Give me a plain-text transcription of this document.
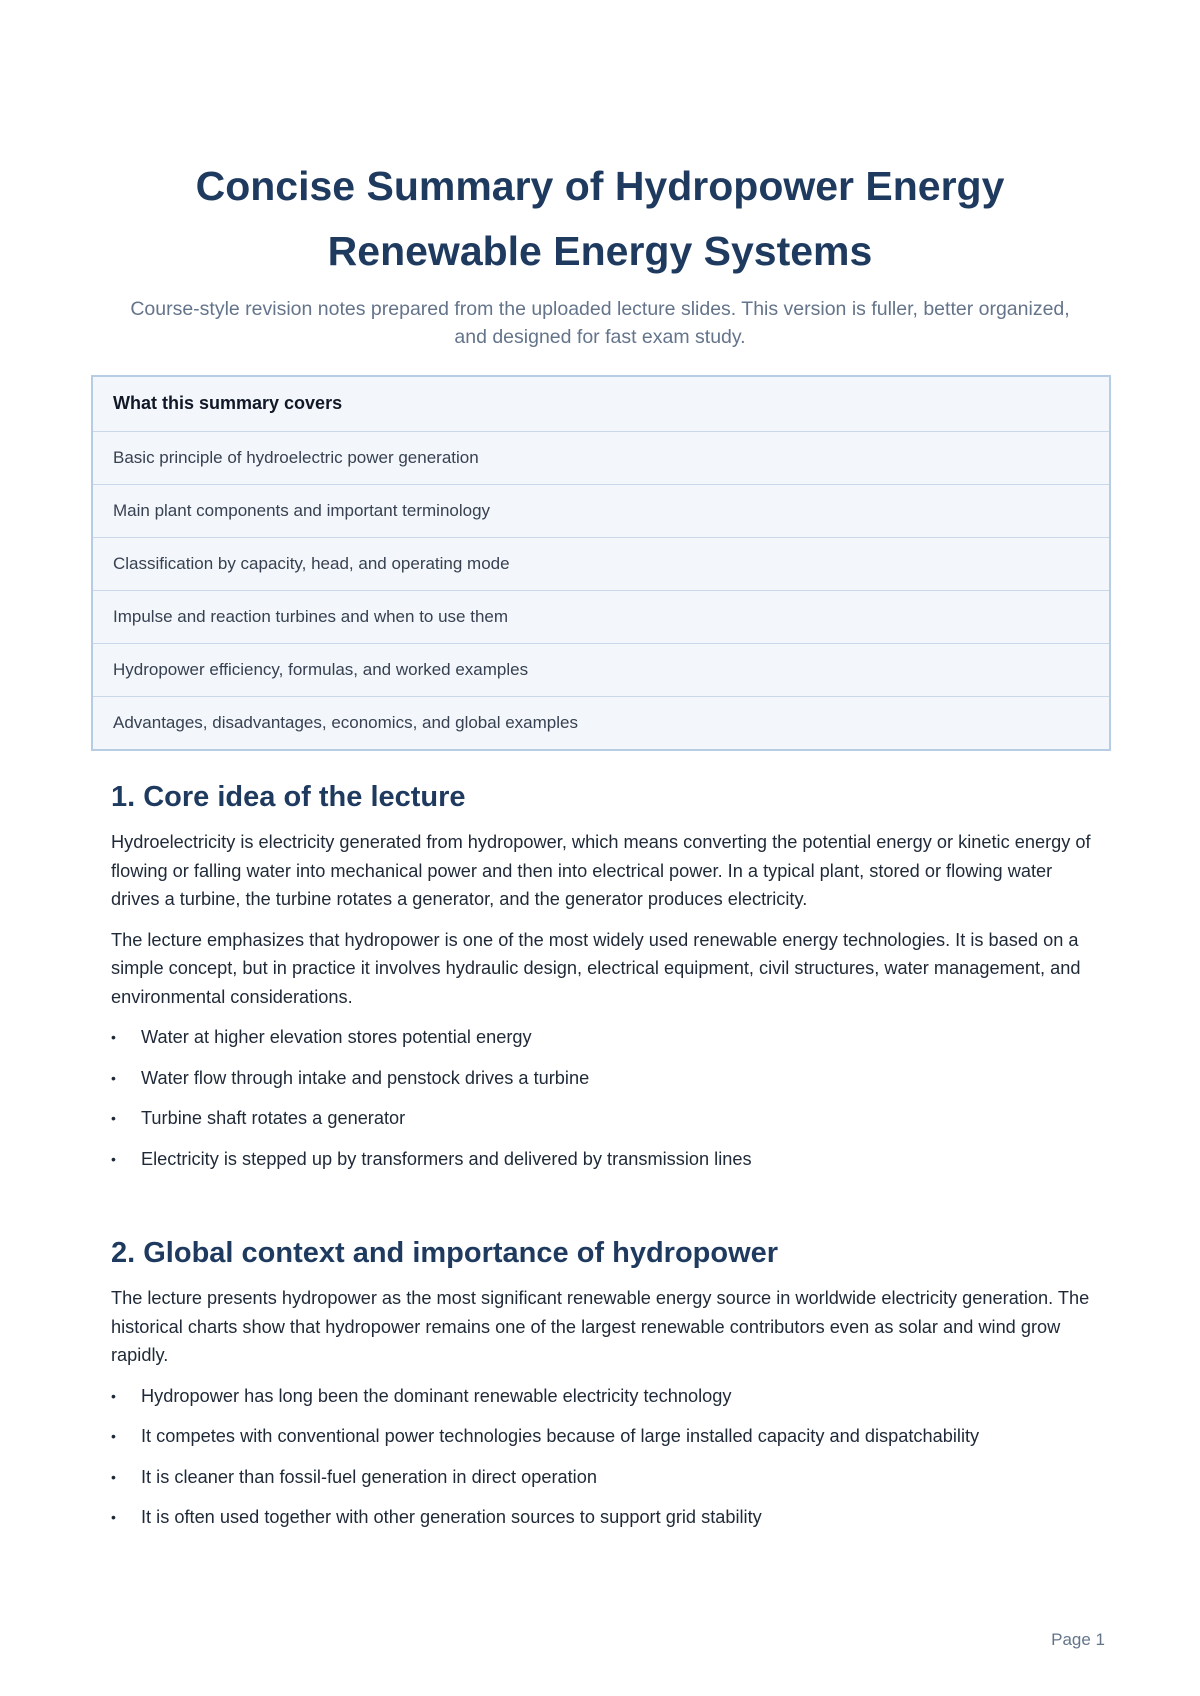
Concise Summary of Hydropower Energy
Renewable Energy Systems

Course-style revision notes prepared from the uploaded lecture slides. This version is fuller, better organized, and designed for fast exam study.

What this summary covers
Basic principle of hydroelectric power generation
Main plant components and important terminology
Classification by capacity, head, and operating mode
Impulse and reaction turbines and when to use them
Hydropower efficiency, formulas, and worked examples
Advantages, disadvantages, economics, and global examples
1. Core idea of the lecture

Hydroelectricity is electricity generated from hydropower, which means converting the potential energy or kinetic energy of flowing or falling water into mechanical power and then into electrical power. In a typical plant, stored or flowing water drives a turbine, the turbine rotates a generator, and the generator produces electricity.

The lecture emphasizes that hydropower is one of the most widely used renewable energy technologies. It is based on a simple concept, but in practice it involves hydraulic design, electrical equipment, civil structures, water management, and environmental considerations.

• Water at higher elevation stores potential energy
• Water flow through intake and penstock drives a turbine
• Turbine shaft rotates a generator
• Electricity is stepped up by transformers and delivered by transmission lines
2. Global context and importance of hydropower

The lecture presents hydropower as the most significant renewable energy source in worldwide electricity generation. The historical charts show that hydropower remains one of the largest renewable contributors even as solar and wind grow rapidly.

• Hydropower has long been the dominant renewable electricity technology
• It competes with conventional power technologies because of large installed capacity and dispatchability
• It is cleaner than fossil-fuel generation in direct operation
• It is often used together with other generation sources to support grid stability
Page 1
